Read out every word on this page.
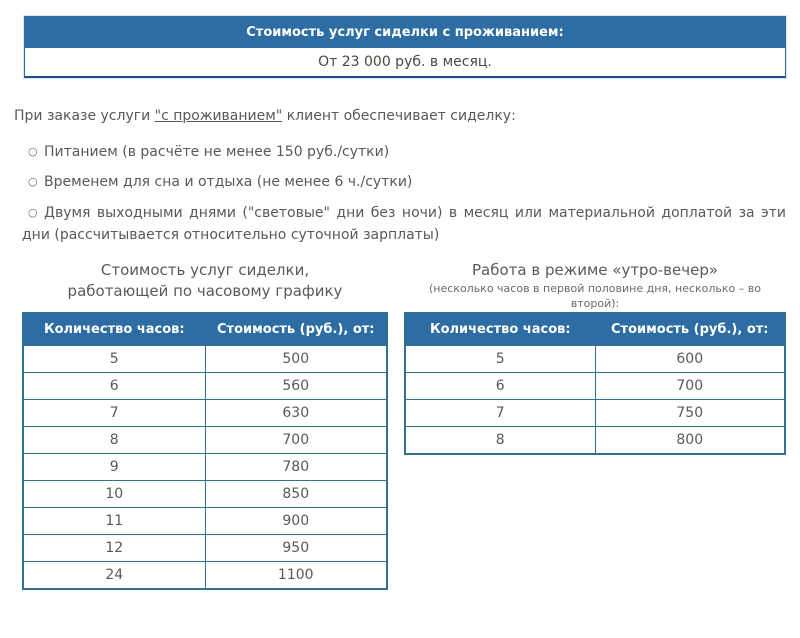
Стоимость услуг сиделки с проживанием:
От 23 000 руб. в месяц.

При заказе услуги "с проживанием" клиент обеспечивает сиделку:

○ Питанием (в расчёте не менее 150 руб./сутки)
○ Временем для сна и отдыха (не менее 6 ч./сутки)
○ Двумя выходными днями ("световые" дни без ночи) в месяц или материальной доплатой за эти дни (рассчитывается относительно суточной зарплаты)
Стоимость услуг сиделки,
работающей по часовому графику
Количество часов:	Стоимость (руб.), от:
5	500
6	560
7	630
8	700
9	780
10	850
11	900
12	950
24	1100
Работа в режиме «утро-вечер»
(несколько часов в первой половине дня, несколько – во второй):
Количество часов:	Стоимость (руб.), от:
5	600
6	700
7	750
8	800
